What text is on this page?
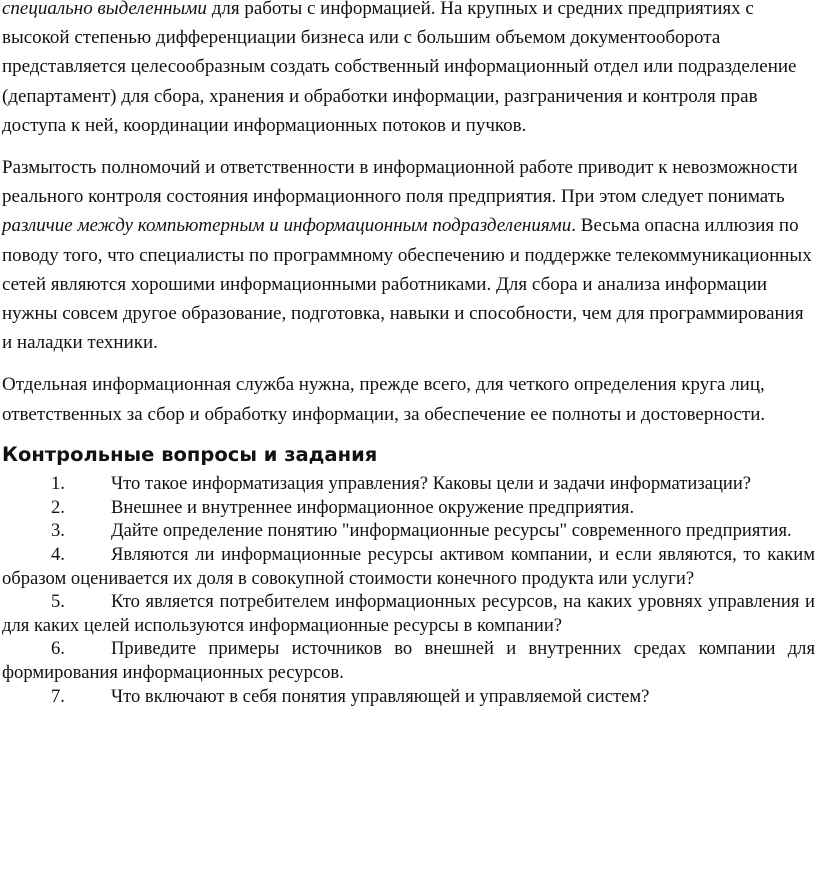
специально выделенными для работы с информацией. На крупных и средних предприятиях с высокой степенью дифференциации бизнеса или с большим объемом документооборота представляется целесообразным создать собственный информационный отдел или подразделение (департамент) для сбора, хранения и обработки информации, разграничения и контроля прав доступа к ней, координации информационных потоков и пучков.

Размытость полномочий и ответственности в информационной работе приводит к невозможности реального контроля состояния информационного поля предприятия. При этом следует понимать различие между компьютерным и информационным подразделениями. Весьма опасна иллюзия по поводу того, что специалисты по программному обеспечению и поддержке телекоммуникационных сетей являются хорошими информационными работниками. Для сбора и анализа информации нужны совсем другое образование, подготовка, навыки и способности, чем для программирования и наладки техники.

Отдельная информационная служба нужна, прежде всего, для четкого определения круга лиц, ответственных за сбор и обработку информации, за обеспечение ее полноты и достоверности.

Контрольные вопросы и задания
1. Что такое информатизация управления? Каковы цели и задачи информатизации?
2. Внешнее и внутреннее информационное окружение предприятия.
3. Дайте определение понятию "информационные ресурсы" современного предприятия.
4. Являются ли информационные ресурсы активом компании, и если являются, то каким образом оценивается их доля в совокупной стоимости конечного продукта или услуги?
5. Кто является потребителем информационных ресурсов, на каких уровнях управления и для каких целей используются информационные ресурсы в компании?
6. Приведите примеры источников во внешней и внутренних средах компании для формирования информационных ресурсов.
7. Что включают в себя понятия управляющей и управляемой систем?
